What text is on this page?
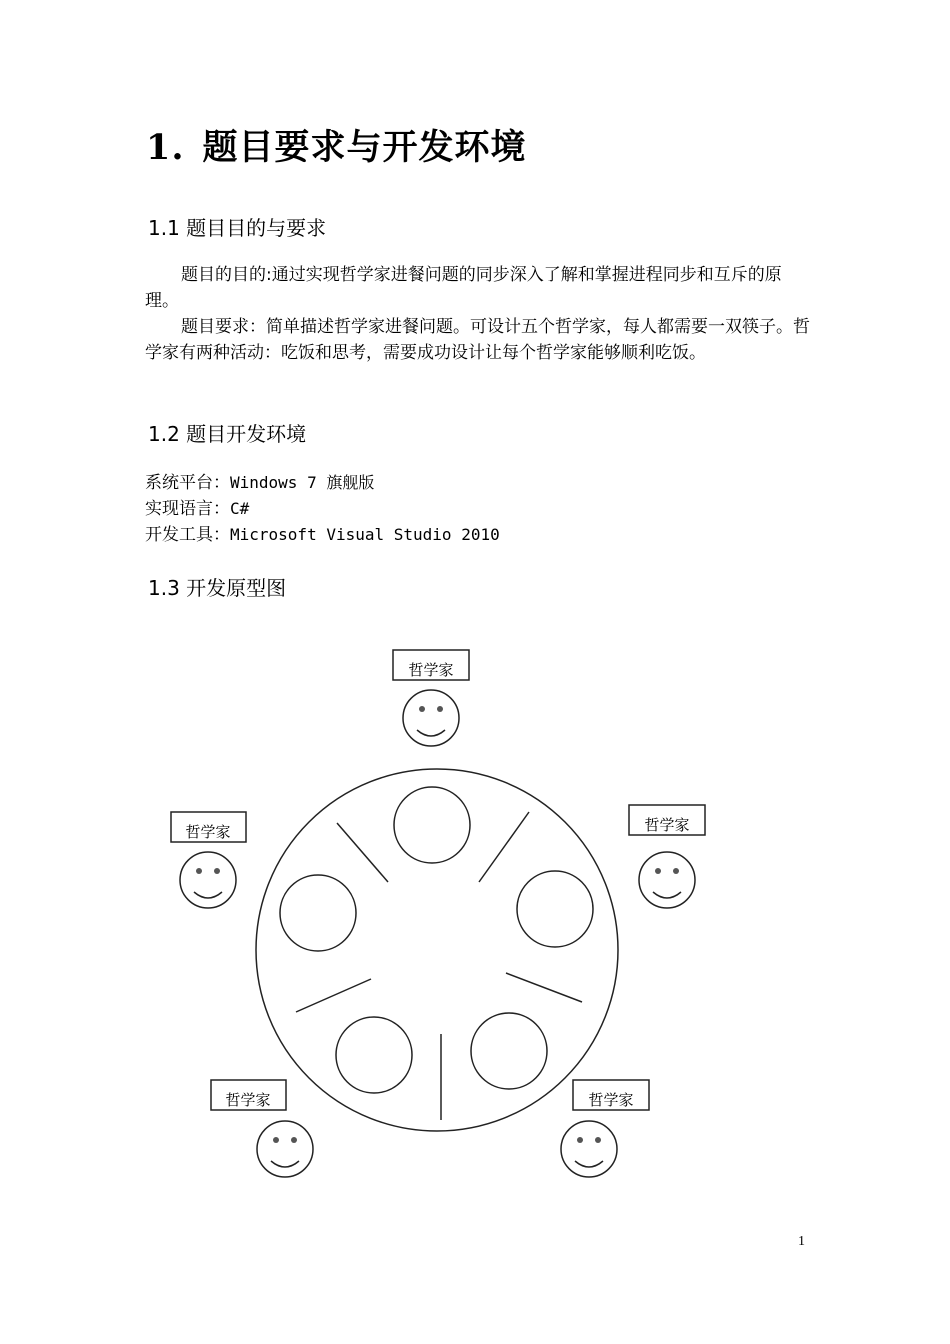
1. 题目要求与开发环境
1.1 题目目的与要求
题目的目的:通过实现哲学家进餐问题的同步深入了解和掌握进程同步和互斥的原理。
题目要求：简单描述哲学家进餐问题。可设计五个哲学家，每人都需要一双筷子。哲学家有两种活动：吃饭和思考，需要成功设计让每个哲学家能够顺利吃饭。
1.2 题目开发环境
系统平台：Windows 7 旗舰版
实现语言：C#
开发工具：Microsoft Visual Studio 2010
1.3 开发原型图
哲学家
哲学家	哲学家
哲学家	哲学家
1
